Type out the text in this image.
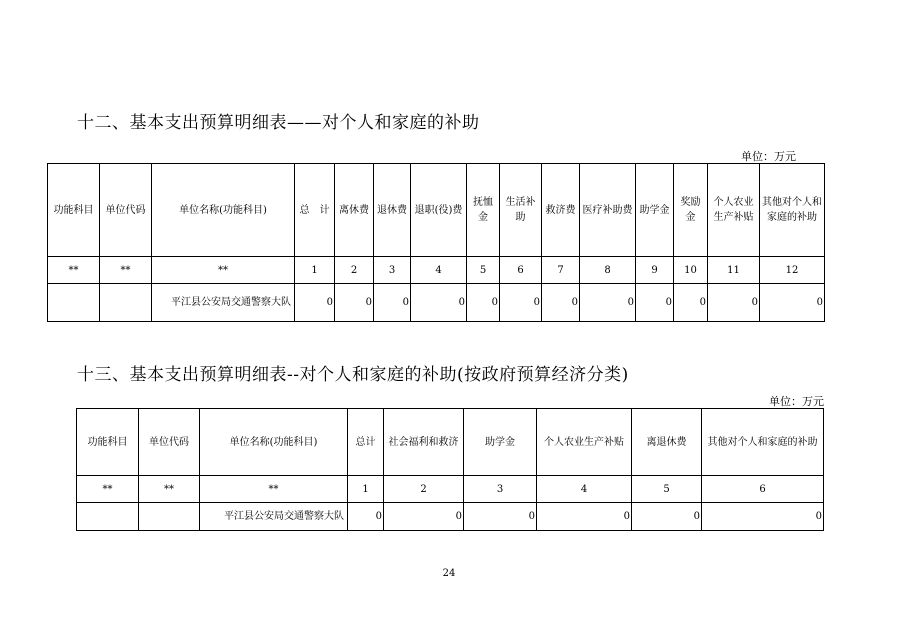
十二、基本支出预算明细表——对个人和家庭的补助
单位：万元
功能科目	单位代码	单位名称(功能科目)	总　计	离休费	退休费	退职(役)费	抚恤金	生活补助	救济费	医疗补助费	助学金	奖励金	个人农业生产补贴	其他对个人和家庭的补助
**	**	**	1	2	3	4	5	6	7	8	9	10	11	12
		平江县公安局交通警察大队	0	0	0	0	0	0	0	0	0	0	0	0
十三、基本支出预算明细表--对个人和家庭的补助(按政府预算经济分类)
单位：万元
功能科目	单位代码	单位名称(功能科目)	总计	社会福利和救济	助学金	个人农业生产补贴	离退休费	其他对个人和家庭的补助
**	**	**	1	2	3	4	5	6
		平江县公安局交通警察大队	0	0	0	0	0	0
24
